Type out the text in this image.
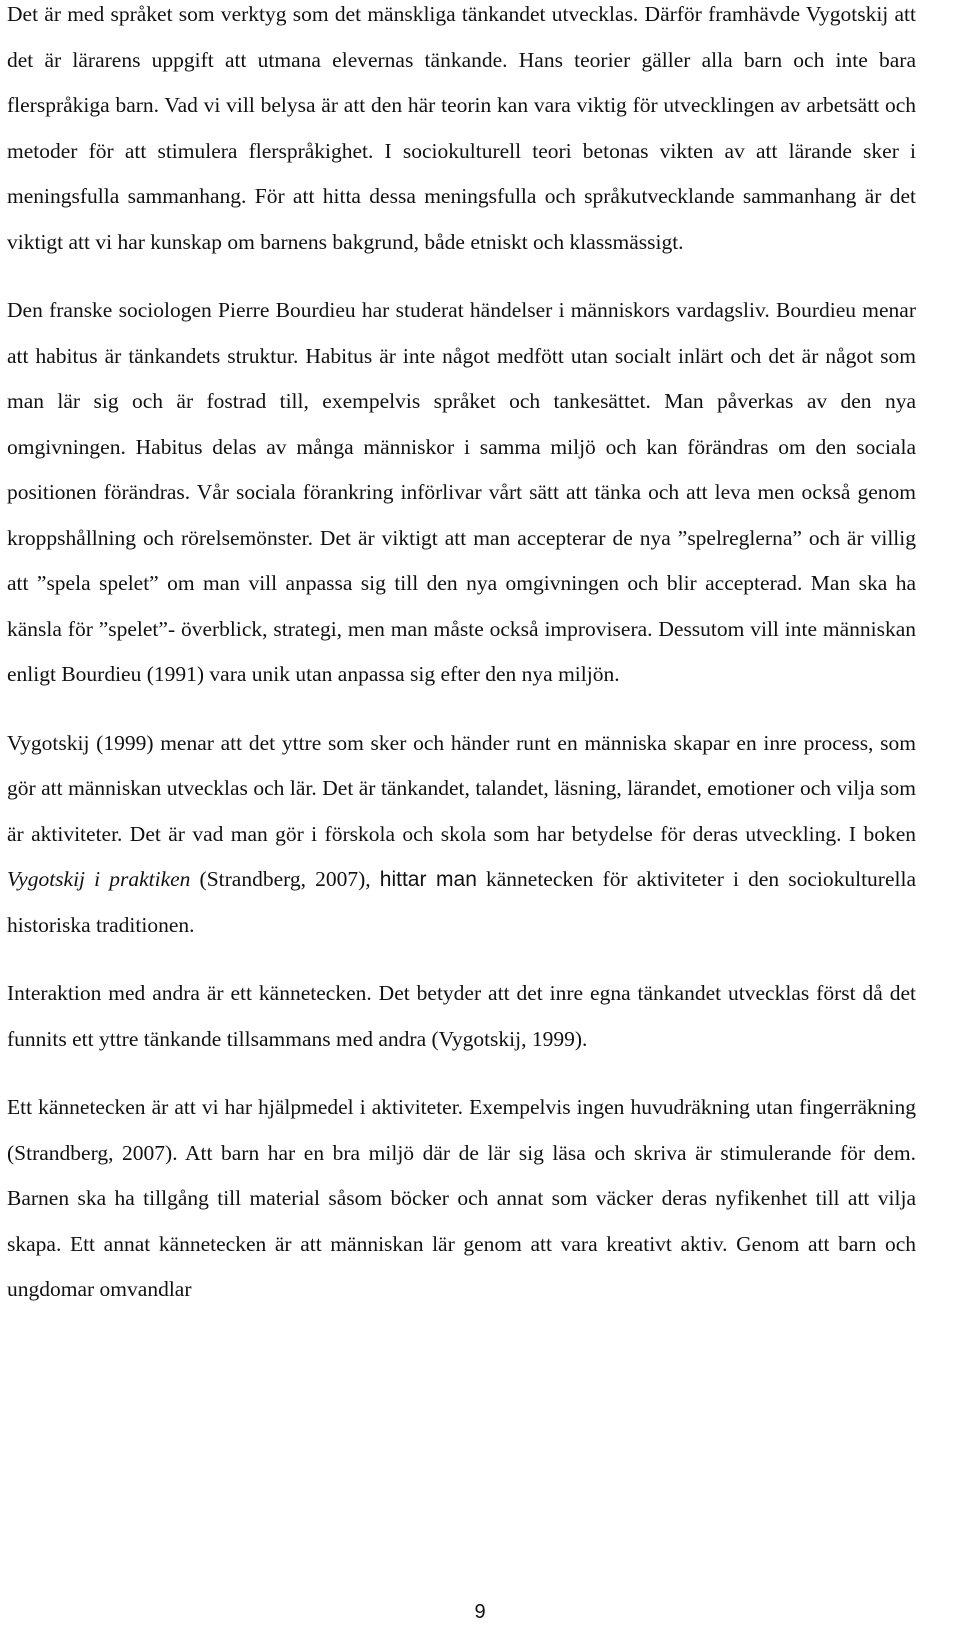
Det är med språket som verktyg som det mänskliga tänkandet utvecklas. Därför framhävde Vygotskij att det är lärarens uppgift att utmana elevernas tänkande. Hans teorier gäller alla barn och inte bara flerspråkiga barn. Vad vi vill belysa är att den här teorin kan vara viktig för utvecklingen av arbetsätt och metoder för att stimulera flerspråkighet. I sociokulturell teori betonas vikten av att lärande sker i meningsfulla sammanhang. För att hitta dessa meningsfulla och språkutvecklande sammanhang är det viktigt att vi har kunskap om barnens bakgrund, både etniskt och klassmässigt.

Den franske sociologen Pierre Bourdieu har studerat händelser i människors vardagsliv. Bourdieu menar att habitus är tänkandets struktur. Habitus är inte något medfött utan socialt inlärt och det är något som man lär sig och är fostrad till, exempelvis språket och tankesättet. Man påverkas av den nya omgivningen. Habitus delas av många människor i samma miljö och kan förändras om den sociala positionen förändras. Vår sociala förankring införlivar vårt sätt att tänka och att leva men också genom kroppshållning och rörelsemönster. Det är viktigt att man accepterar de nya ”spelreglerna” och är villig att ”spela spelet” om man vill anpassa sig till den nya omgivningen och blir accepterad. Man ska ha känsla för ”spelet”- överblick, strategi, men man måste också improvisera. Dessutom vill inte människan enligt Bourdieu (1991) vara unik utan anpassa sig efter den nya miljön.

Vygotskij (1999) menar att det yttre som sker och händer runt en människa skapar en inre process, som gör att människan utvecklas och lär. Det är tänkandet, talandet, läsning, lärandet, emotioner och vilja som är aktiviteter. Det är vad man gör i förskola och skola som har betydelse för deras utveckling. I boken Vygotskij i praktiken (Strandberg, 2007), hittar man kännetecken för aktiviteter i den sociokulturella historiska traditionen.

Interaktion med andra är ett kännetecken. Det betyder att det inre egna tänkandet utvecklas först då det funnits ett yttre tänkande tillsammans med andra (Vygotskij, 1999).

Ett kännetecken är att vi har hjälpmedel i aktiviteter. Exempelvis ingen huvudräkning utan fingerräkning (Strandberg, 2007). Att barn har en bra miljö där de lär sig läsa och skriva är stimulerande för dem. Barnen ska ha tillgång till material såsom böcker och annat som väcker deras nyfikenhet till att vilja skapa. Ett annat kännetecken är att människan lär genom att vara kreativt aktiv. Genom att barn och ungdomar omvandlar

9
